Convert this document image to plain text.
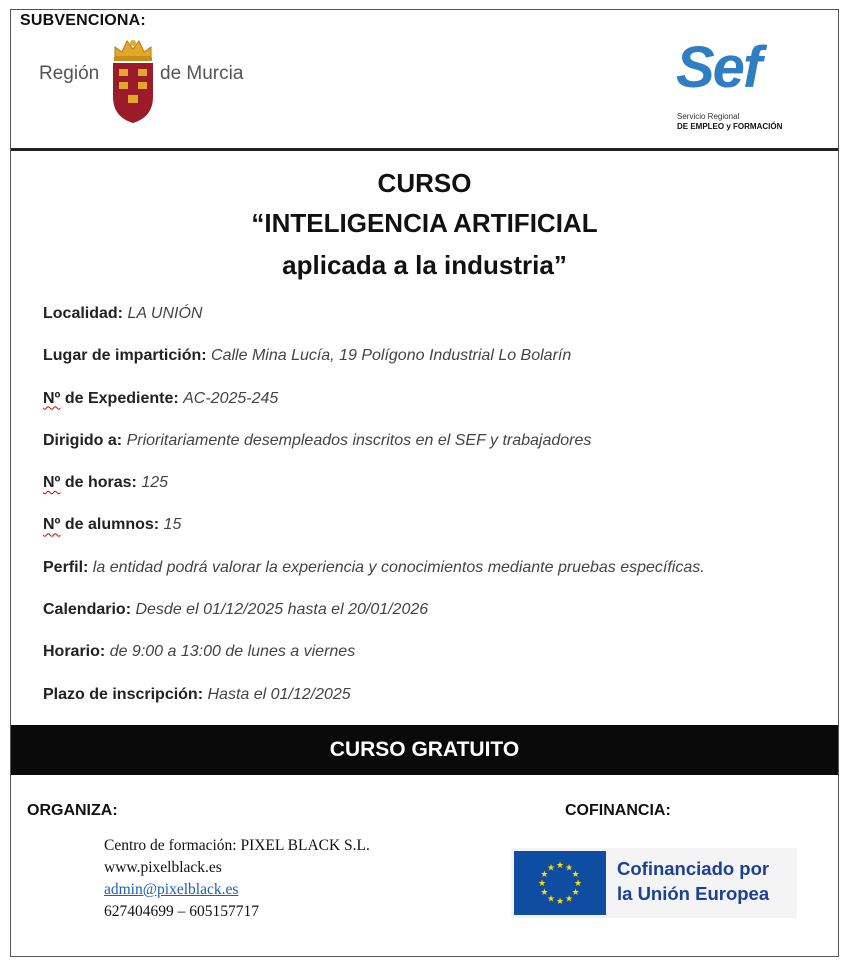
SUBVENCIONA:
Región	de Murcia	Sef
Servicio Regional
DE EMPLEO y FORMACIÓN
CURSO
“INTELIGENCIA ARTIFICIAL
aplicada a la industria”
Localidad: LA UNIÓN
Lugar de impartición: Calle Mina Lucía, 19 Polígono Industrial Lo Bolarín
Nº de Expediente: AC-2025-245
Dirigido a: Prioritariamente desempleados inscritos en el SEF y trabajadores
Nº de horas: 125
Nº de alumnos: 15
Perfil: la entidad podrá valorar la experiencia y conocimientos mediante pruebas específicas.
Calendario: Desde el 01/12/2025 hasta el 20/01/2026
Horario: de 9:00 a 13:00 de lunes a viernes
Plazo de inscripción: Hasta el 01/12/2025
CURSO GRATUITO
ORGANIZA:	COFINANCIA:
Centro de formación: PIXEL BLACK S.L.
www.pixelblack.es
admin@pixelblack.es
627404699 – 605157717
★ ★
★
★
★
★
★
★
★
★
★
★	Cofinanciado por
la Unión Europea
